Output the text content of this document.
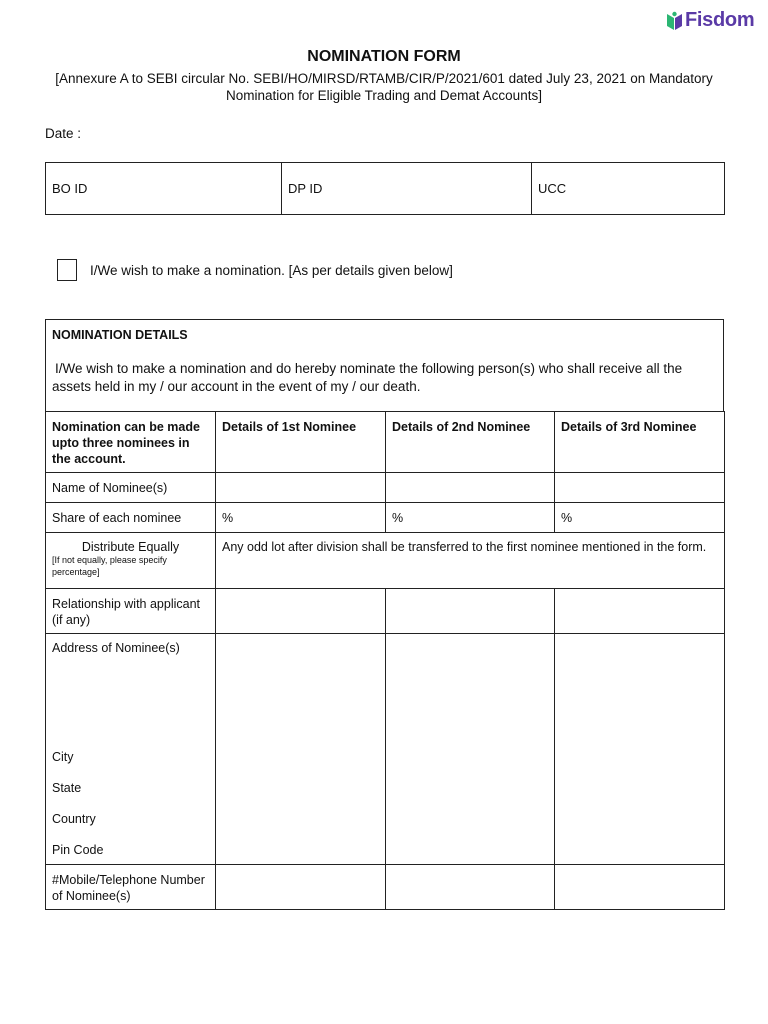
Fisdom
NOMINATION FORM
[Annexure A to SEBI circular No. SEBI/HO/MIRSD/RTAMB/CIR/P/2021/601 dated July 23, 2021 on Mandatory
Nomination for Eligible Trading and Demat Accounts]
Date :
BO ID	DP ID	UCC
I/We wish to make a nomination. [As per details given below]
NOMINATION DETAILS
I/We wish to make a nomination and do hereby nominate the following person(s) who shall receive all the assets held in my / our account in the event of my / our death.
Nomination can be made upto three nominees in the account.	Details of 1st Nominee	Details of 2nd Nominee	Details of 3rd Nominee
Name of Nominee(s)			
Share of each nominee	%	%	%

Distribute Equally
[If not equally, please specify percentage]	Any odd lot after division shall be transferred to the first nominee mentioned in the form.		
Relationship with applicant (if any)			

Address of Nominee(s)
City
State
Country
Pin Code			

#Mobile/Telephone Number of Nominee(s)			
